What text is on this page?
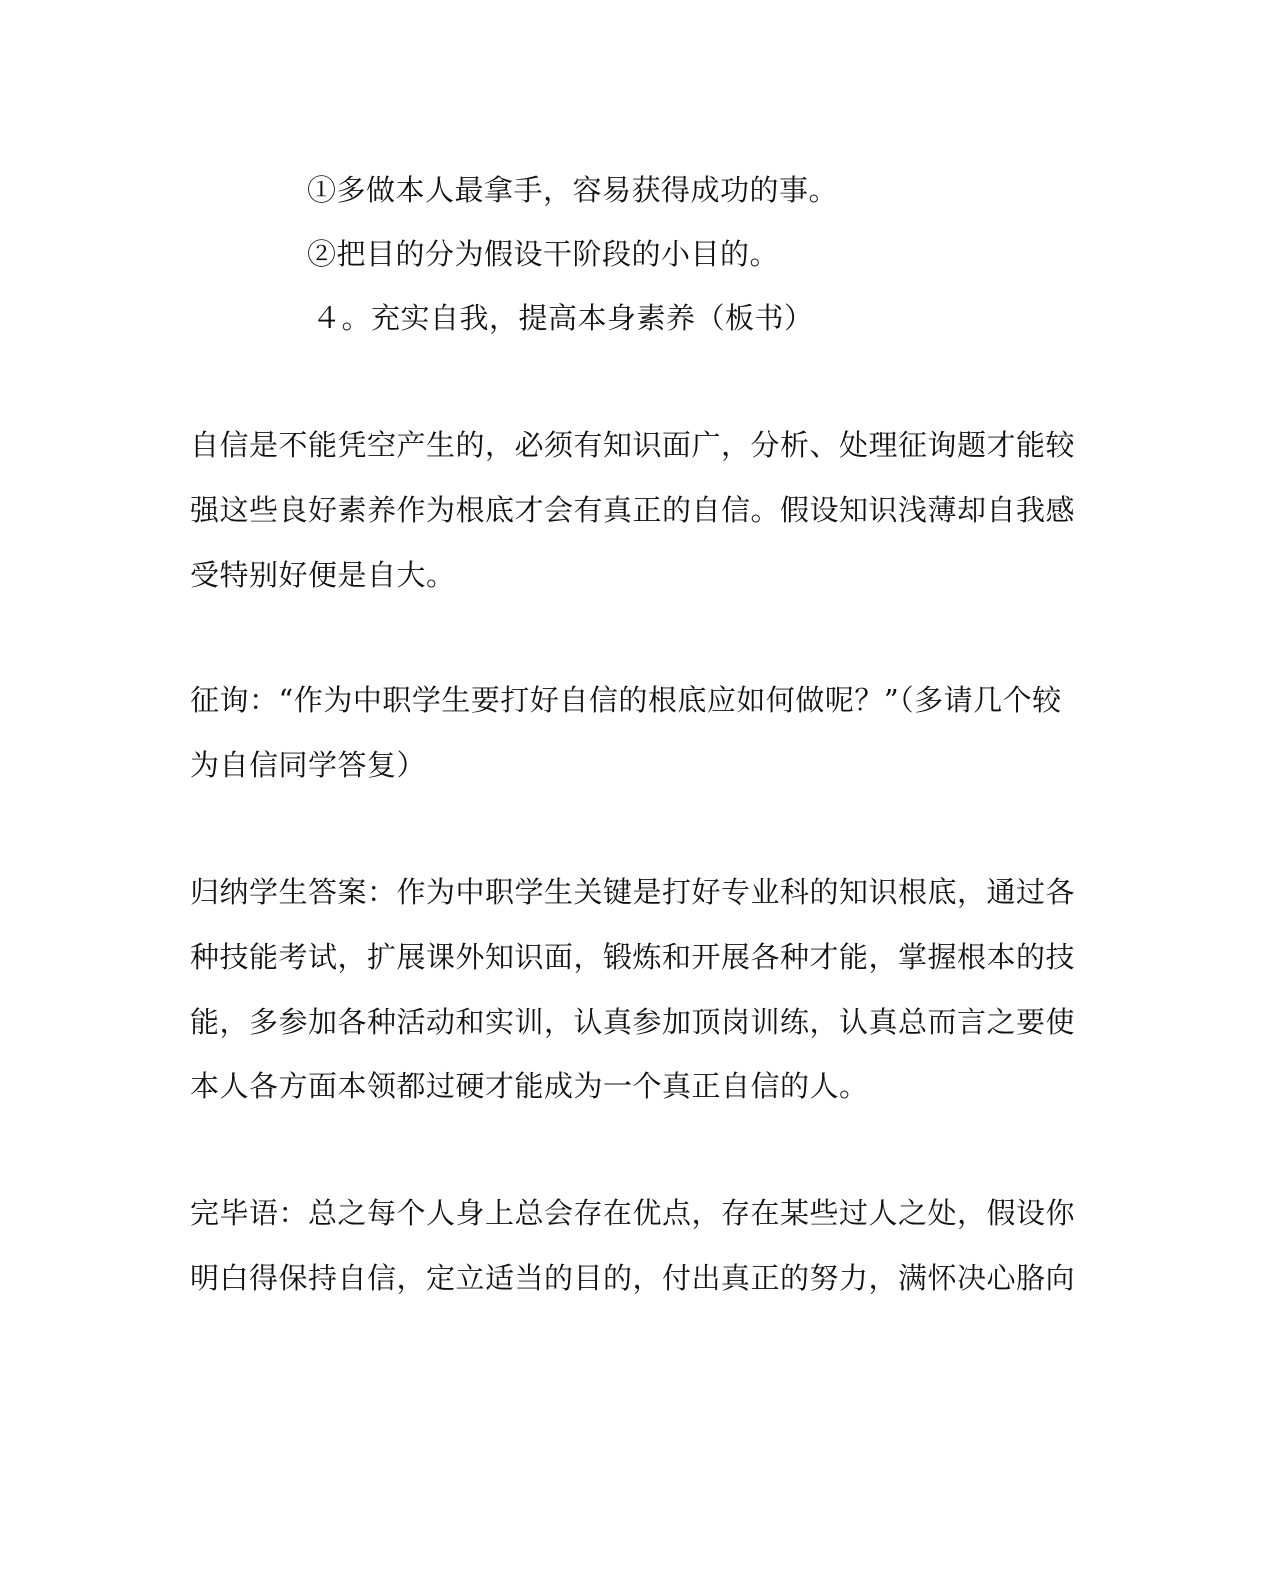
①多做本人最拿手，容易获得成功的事。
②把目的分为假设干阶段的小目的。
４。充实自我，提高本身素养（板书）
自信是不能凭空产生的，必须有知识面广，分析、处理征询题才能较
强这些良好素养作为根底才会有真正的自信。假设知识浅薄却自我感
受特别好便是自大。
征询：“作为中职学生要打好自信的根底应如何做呢？”（多请几个较
为自信同学答复）
归纳学生答案：作为中职学生关键是打好专业科的知识根底，通过各
种技能考试，扩展课外知识面，锻炼和开展各种才能，掌握根本的技
能，多参加各种活动和实训，认真参加顶岗训练，认真总而言之要使
本人各方面本领都过硬才能成为一个真正自信的人。
完毕语：总之每个人身上总会存在优点，存在某些过人之处，假设你
明白得保持自信，定立适当的目的，付出真正的努力，满怀决心胳向
